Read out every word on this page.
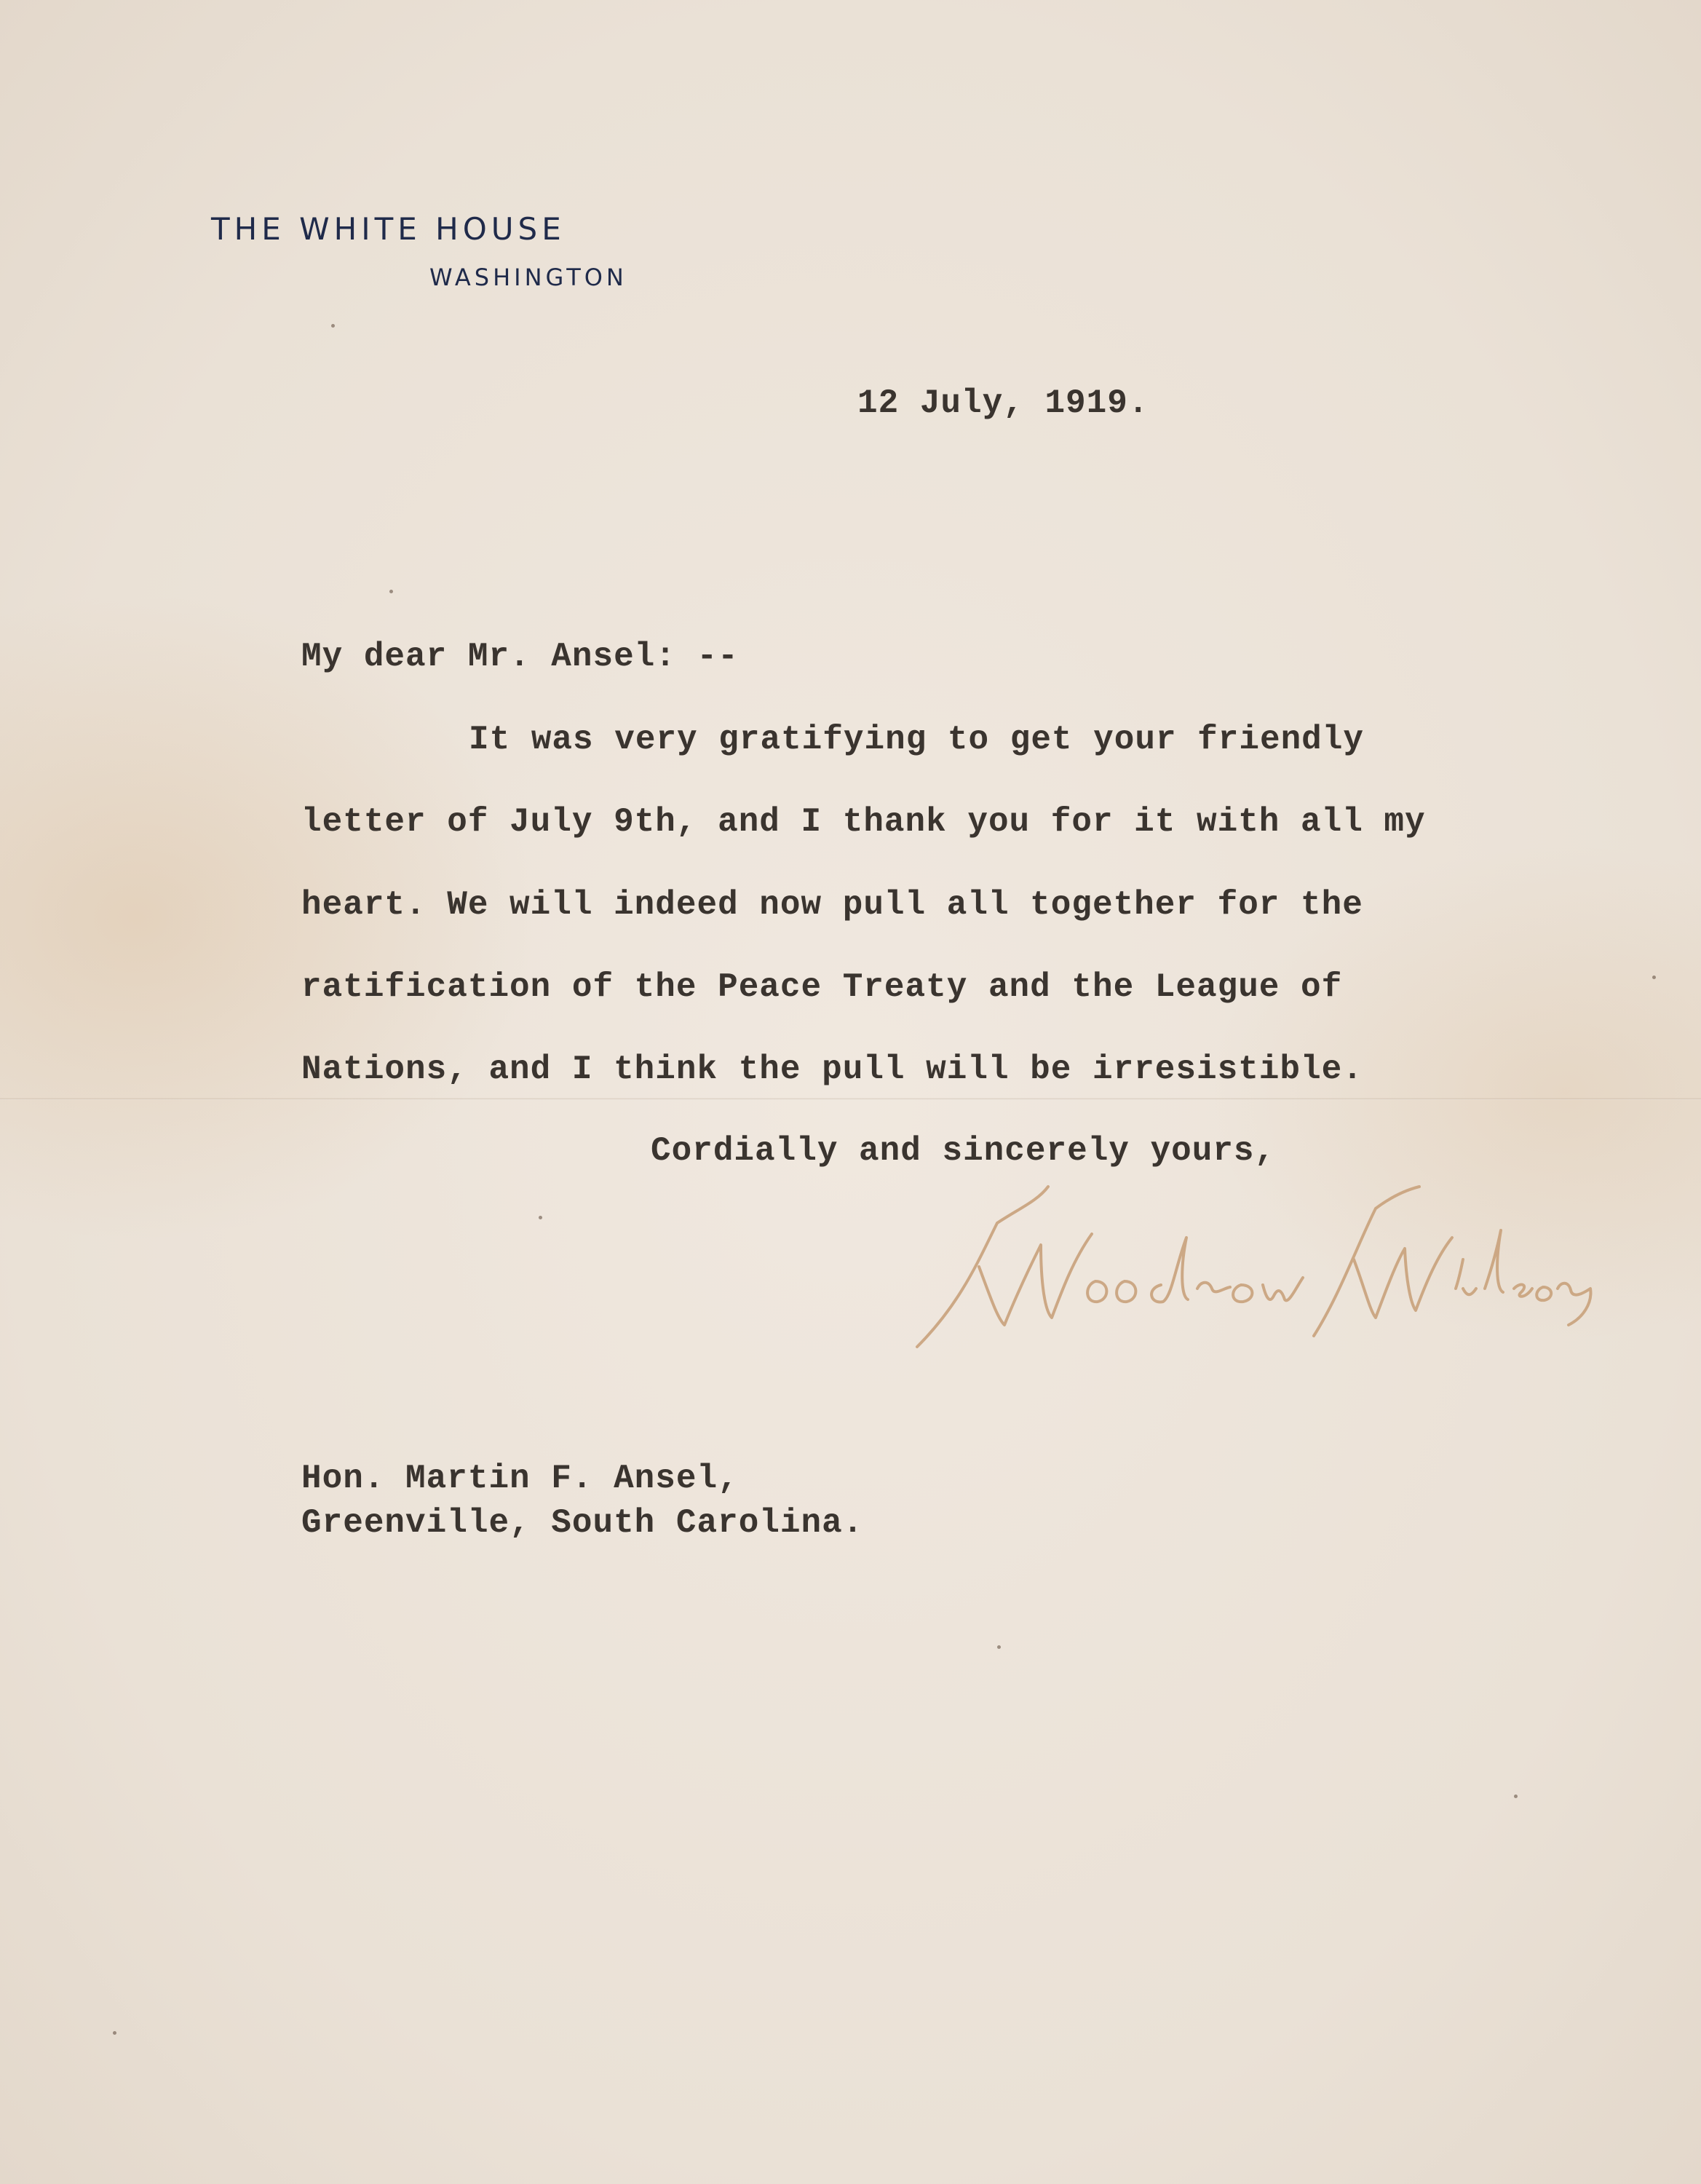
THE WHITE HOUSE
WASHINGTON
12 July, 1919.
My dear Mr. Ansel: --
It was very gratifying to get your friendly
letter of July 9th, and I thank you for it with all my
heart. We will indeed now pull all together for the
ratification of the Peace Treaty and the League of
Nations, and I think the pull will be irresistible.
Cordially and sincerely yours,
Hon. Martin F. Ansel,
Greenville, South Carolina.
